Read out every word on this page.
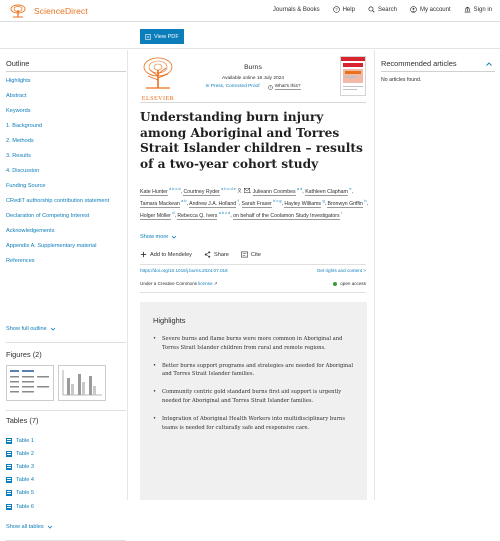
ScienceDirect	Journals & Books	? Help	Search	My account	Sign in
View PDF
Outline
Highlights
Abstract
Keywords
1. Background
2. Methods
3. Results
4. Discussion
Funding Source
CRediT authorship contribution statement
Declaration of Competing Interest
Acknowledgements
Appendix A. Supplementary material
References
Show full outline
Figures (2)
Tables (7)
Table 1
Table 2
Table 3
Table 4
Table 5
Table 6
Show all tables
ELSEVIER
Burns
Available online 18 July 2024
In Press, Corrected Proof ? What's this?
Understanding burn injury among Aboriginal and Torres Strait Islander children – results of a two-year cohort study
Kate Hunter $^{a b c d}$, Courtney Ryder $^{a b c d e}$	, Julieann Coombes $^{a d}$, Kathleen Clapham $^e$, Tamara Mackean $^{a b}$, Andrew J.A. Holland $^f$, Sarah Fraser $^{b c g}$, Hayley Williams $^g$, Bronwyn Griffin $^h$, Holger Möller $^d$, Rebecca Q. Ivers $^{a b c d}$, on behalf of the Coolamon Study Investigators $^i$
Show more
Add to Mendeley	Share	Cite
https://doi.org/10.1016/j.burns.2024.07.018	Get rights and content >
Under a Creative Commons license ↗	open access
Highlights
• Severe burns and flame burns were more common in Aboriginal and Torres Strait Islander children from rural and remote regions.
• Better burns support programs and strategies are needed for Aboriginal and Torres Strait Islander families.
• Community centric gold standard burns first aid support is urgently needed for Aboriginal and Torres Strait Islander families.
• Integration of Aboriginal Health Workers into multidisciplinary burns teams is needed for culturally safe and responsive care.
Recommended articles
No articles found.
